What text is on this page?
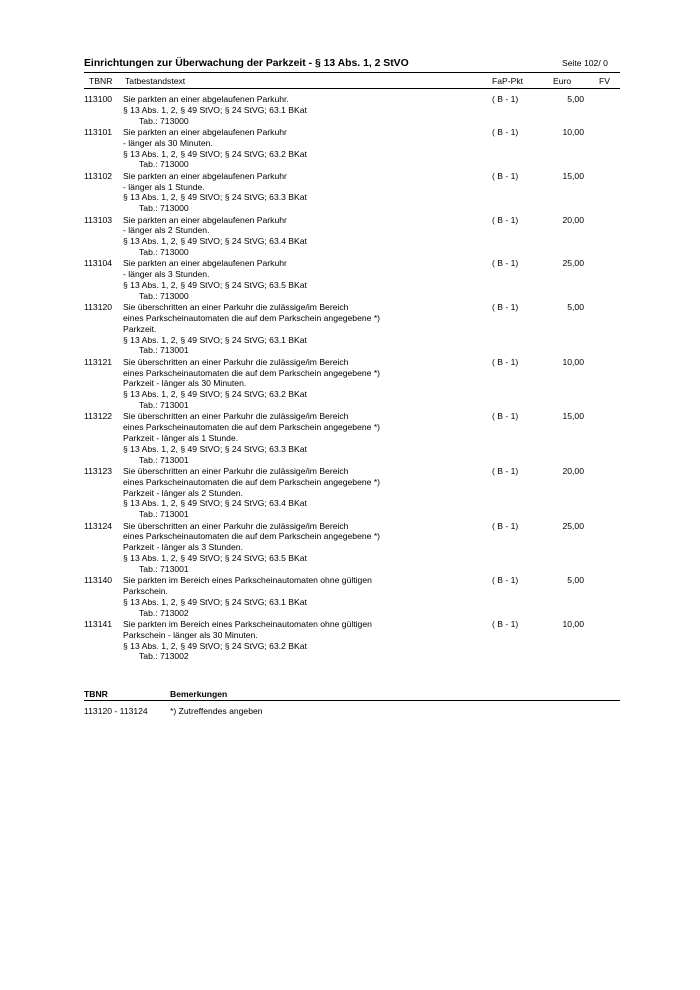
Einrichtungen zur Überwachung der Parkzeit - § 13 Abs. 1, 2 StVO	Seite 102/ 0
TBNR Tatbestandstext	FaP-Pkt	Euro	FV
113100 Sie parkten an einer abgelaufenen Parkuhr.
§ 13 Abs. 1, 2, § 49 StVO; § 24 StVG; 63.1 BKat
Tab.: 713000
( B - 1)	5,00
113101 Sie parkten an einer abgelaufenen Parkuhr
- länger als 30 Minuten.
§ 13 Abs. 1, 2, § 49 StVO; § 24 StVG; 63.2 BKat
Tab.: 713000
( B - 1)	10,00
113102 Sie parkten an einer abgelaufenen Parkuhr
- länger als 1 Stunde.
§ 13 Abs. 1, 2, § 49 StVO; § 24 StVG; 63.3 BKat
Tab.: 713000
( B - 1)	15,00
113103 Sie parkten an einer abgelaufenen Parkuhr
- länger als 2 Stunden.
§ 13 Abs. 1, 2, § 49 StVO; § 24 StVG; 63.4 BKat
Tab.: 713000
( B - 1)	20,00
113104 Sie parkten an einer abgelaufenen Parkuhr
- länger als 3 Stunden.
§ 13 Abs. 1, 2, § 49 StVO; § 24 StVG; 63.5 BKat
Tab.: 713000
( B - 1)	25,00
113120 Sie überschritten an einer Parkuhr die zulässige/im Bereich
eines Parkscheinautomaten die auf dem Parkschein angegebene *)
Parkzeit.
§ 13 Abs. 1, 2, § 49 StVO; § 24 StVG; 63.1 BKat
Tab.: 713001
( B - 1)	5,00
113121 Sie überschritten an einer Parkuhr die zulässige/im Bereich
eines Parkscheinautomaten die auf dem Parkschein angegebene *)
Parkzeit - länger als 30 Minuten.
§ 13 Abs. 1, 2, § 49 StVO; § 24 StVG; 63.2 BKat
Tab.: 713001
( B - 1)	10,00
113122 Sie überschritten an einer Parkuhr die zulässige/im Bereich
eines Parkscheinautomaten die auf dem Parkschein angegebene *)
Parkzeit - länger als 1 Stunde.
§ 13 Abs. 1, 2, § 49 StVO; § 24 StVG; 63.3 BKat
Tab.: 713001
( B - 1)	15,00
113123 Sie überschritten an einer Parkuhr die zulässige/im Bereich
eines Parkscheinautomaten die auf dem Parkschein angegebene *)
Parkzeit - länger als 2 Stunden.
§ 13 Abs. 1, 2, § 49 StVO; § 24 StVG; 63.4 BKat
Tab.: 713001
( B - 1)	20,00
113124 Sie überschritten an einer Parkuhr die zulässige/im Bereich
eines Parkscheinautomaten die auf dem Parkschein angegebene *)
Parkzeit - länger als 3 Stunden.
§ 13 Abs. 1, 2, § 49 StVO; § 24 StVG; 63.5 BKat
Tab.: 713001
( B - 1)	25,00
113140 Sie parkten im Bereich eines Parkscheinautomaten ohne gültigen
Parkschein.
§ 13 Abs. 1, 2, § 49 StVO; § 24 StVG; 63.1 BKat
Tab.: 713002
( B - 1)	5,00
113141 Sie parkten im Bereich eines Parkscheinautomaten ohne gültigen
Parkschein - länger als 30 Minuten.
§ 13 Abs. 1, 2, § 49 StVO; § 24 StVG; 63.2 BKat
Tab.: 713002
( B - 1)	10,00
TBNR	Bemerkungen
113120 - 113124	*) Zutreffendes angeben
